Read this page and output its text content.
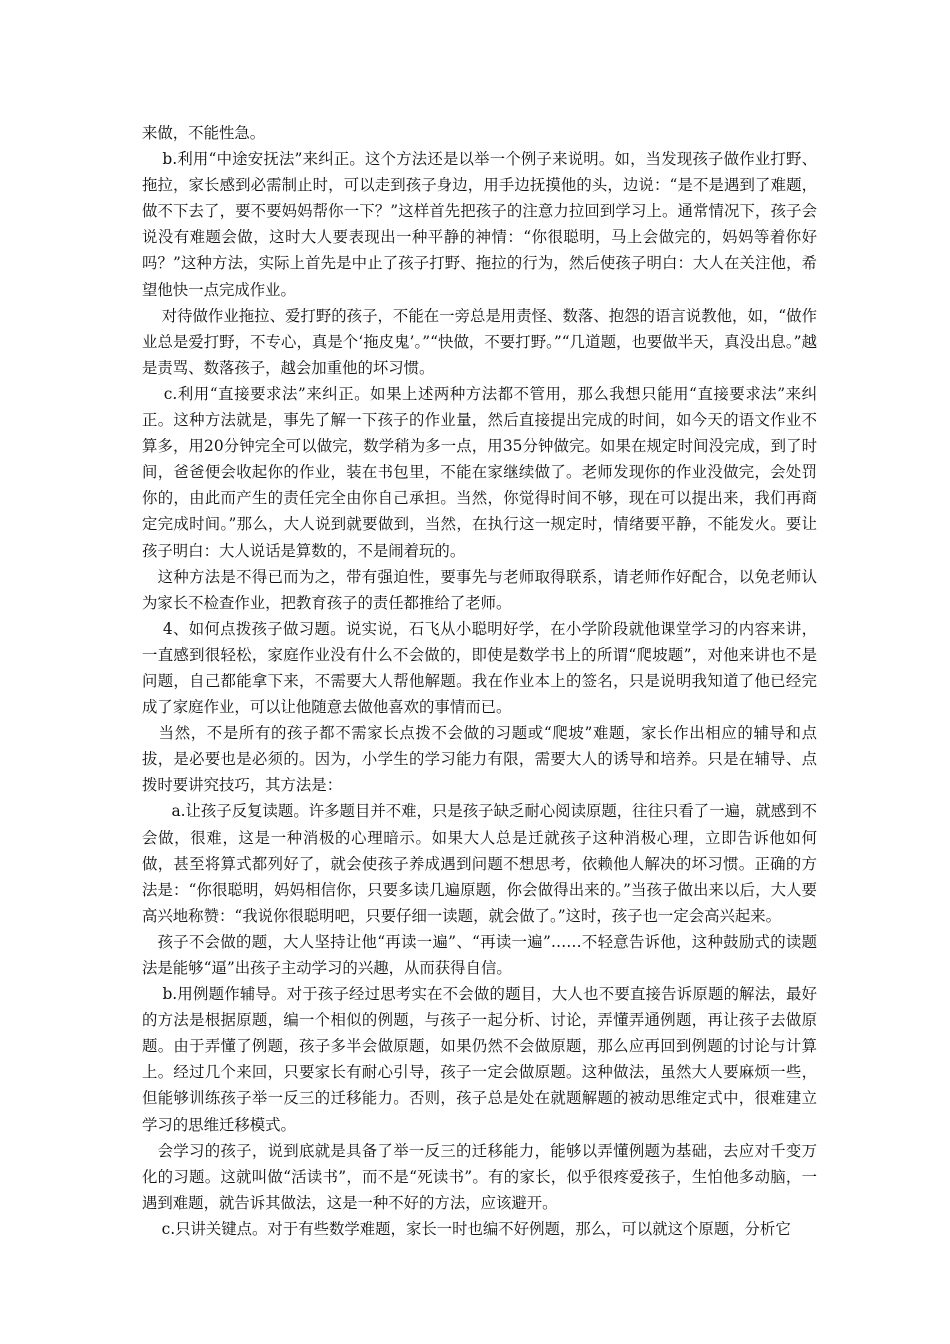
来做，不能性急。

b.利用“中途安抚法”来纠正。这个方法还是以举一个例子来说明。如，当发现孩子做作业打野、拖拉，家长感到必需制止时，可以走到孩子身边，用手边抚摸他的头，边说：“是不是遇到了难题，做不下去了，要不要妈妈帮你一下？”这样首先把孩子的注意力拉回到学习上。通常情况下，孩子会说没有难题会做，这时大人要表现出一种平静的神情：“你很聪明，马上会做完的，妈妈等着你好吗？”这种方法，实际上首先是中止了孩子打野、拖拉的行为，然后使孩子明白：大人在关注他，希望他快一点完成作业。

对待做作业拖拉、爱打野的孩子，不能在一旁总是用责怪、数落、抱怨的语言说教他，如，“做作业总是爱打野，不专心，真是个‘拖皮鬼’。”“快做，不要打野。”“几道题，也要做半天，真没出息。”越是责骂、数落孩子，越会加重他的坏习惯。

c.利用“直接要求法”来纠正。如果上述两种方法都不管用，那么我想只能用“直接要求法”来纠正。这种方法就是，事先了解一下孩子的作业量，然后直接提出完成的时间，如今天的语文作业不算多，用20分钟完全可以做完，数学稍为多一点，用35分钟做完。如果在规定时间没完成，到了时间，爸爸便会收起你的作业，装在书包里，不能在家继续做了。老师发现你的作业没做完，会处罚你的，由此而产生的责任完全由你自己承担。当然，你觉得时间不够，现在可以提出来，我们再商定完成时间。”那么，大人说到就要做到，当然，在执行这一规定时，情绪要平静，不能发火。要让孩子明白：大人说话是算数的，不是闹着玩的。

这种方法是不得已而为之，带有强迫性，要事先与老师取得联系，请老师作好配合，以免老师认为家长不检查作业，把教育孩子的责任都推给了老师。

4、如何点拨孩子做习题。说实说，石飞从小聪明好学，在小学阶段就他课堂学习的内容来讲，一直感到很轻松，家庭作业没有什么不会做的，即使是数学书上的所谓“爬坡题”，对他来讲也不是问题，自己都能拿下来，不需要大人帮他解题。我在作业本上的签名，只是说明我知道了他已经完成了家庭作业，可以让他随意去做他喜欢的事情而已。

当然，不是所有的孩子都不需家长点拨不会做的习题或“爬坡”难题，家长作出相应的辅导和点拔，是必要也是必须的。因为，小学生的学习能力有限，需要大人的诱导和培养。只是在辅导、点拨时要讲究技巧，其方法是：

a.让孩子反复读题。许多题目并不难，只是孩子缺乏耐心阅读原题，往往只看了一遍，就感到不会做，很难，这是一种消极的心理暗示。如果大人总是迁就孩子这种消极心理，立即告诉他如何做，甚至将算式都列好了，就会使孩子养成遇到问题不想思考，依赖他人解决的坏习惯。正确的方法是：“你很聪明，妈妈相信你，只要多读几遍原题，你会做得出来的。”当孩子做出来以后，大人要高兴地称赞：“我说你很聪明吧，只要仔细一读题，就会做了。”这时，孩子也一定会高兴起来。

孩子不会做的题，大人坚持让他“再读一遍”、“再读一遍”……不轻意告诉他，这种鼓励式的读题法是能够“逼”出孩子主动学习的兴趣，从而获得自信。

b.用例题作辅导。对于孩子经过思考实在不会做的题目，大人也不要直接告诉原题的解法，最好的方法是根据原题，编一个相似的例题，与孩子一起分析、讨论，弄懂弄通例题，再让孩子去做原题。由于弄懂了例题，孩子多半会做原题，如果仍然不会做原题，那么应再回到例题的讨论与计算上。经过几个来回，只要家长有耐心引导，孩子一定会做原题。这种做法，虽然大人要麻烦一些，但能够训练孩子举一反三的迁移能力。否则，孩子总是处在就题解题的被动思维定式中，很难建立学习的思维迁移模式。

会学习的孩子，说到底就是具备了举一反三的迁移能力，能够以弄懂例题为基础，去应对千变万化的习题。这就叫做“活读书”，而不是“死读书”。有的家长，似乎很疼爱孩子，生怕他多动脑，一遇到难题，就告诉其做法，这是一种不好的方法，应该避开。

c.只讲关键点。对于有些数学难题，家长一时也编不好例题，那么，可以就这个原题，分析它
